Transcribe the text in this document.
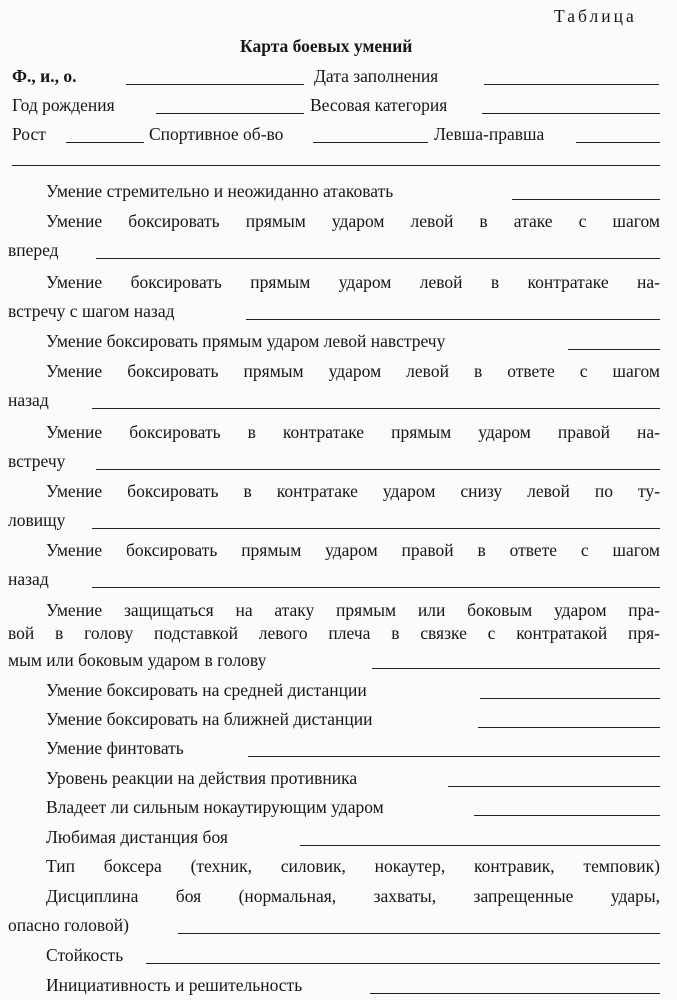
Таблица
Карта боевых умений
Ф., и., о.	Дата заполнения
Год рождения	Весовая категория
Рост	Спортивное об-во	Левша-правша
Умение стремительно и неожиданно атаковать
Умение боксировать прямым ударом левой в атаке с шагом
вперед
Умение боксировать прямым ударом левой в контратаке на-
встречу с шагом назад
Умение боксировать прямым ударом левой навстречу
Умение боксировать прямым ударом левой в ответе с шагом
назад
Умение боксировать в контратаке прямым ударом правой на-
встречу
Умение боксировать в контратаке ударом снизу левой по ту-
ловищу
Умение боксировать прямым ударом правой в ответе с шагом
назад
Умение защищаться на атаку прямым или боковым ударом пра-
вой в голову подставкой левого плеча в связке с контратакой пря-
мым или боковым ударом в голову
Умение боксировать на средней дистанции
Умение боксировать на ближней дистанции
Умение финтовать
Уровень реакции на действия противника
Владеет ли сильным нокаутирующим ударом
Любимая дистанция боя
Тип боксера (техник, силовик, нокаутер, контравик, темповик)
Дисциплина боя (нормальная, захваты, запрещенные удары,
опасно головой)
Стойкость
Инициативность и решительность
